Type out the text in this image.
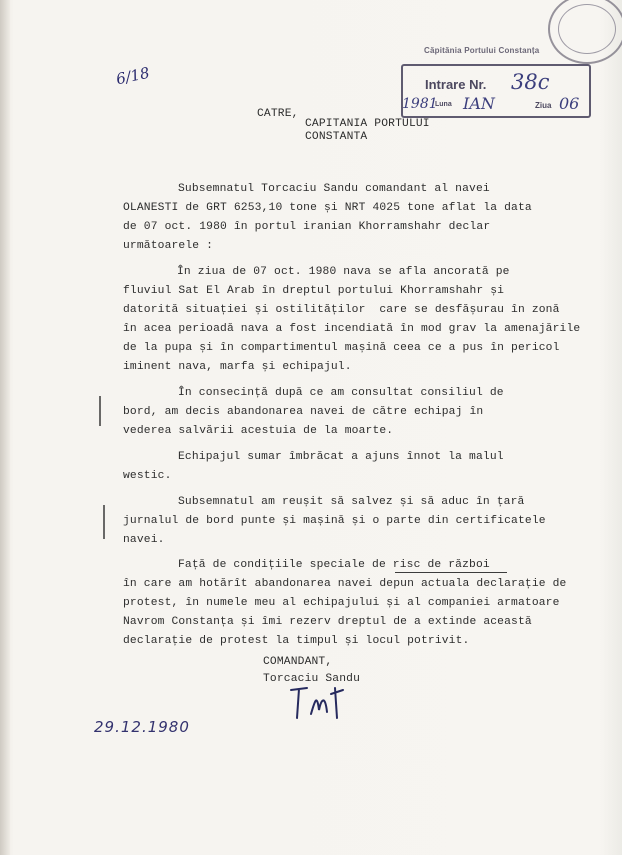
Căpitănia Portului Constanța
Intrare Nr. 38c
1981
Luna IAN	Ziua 06
6/18
CATRE,
CAPITANIA PORTULUI
CONSTANTA
Subsemnatul Torcaciu Sandu comandant al navei
OLANESTI de GRT 6253,10 tone și NRT 4025 tone aflat la data
de 07 oct. 1980 în portul iranian Khorramshahr declar
următoarele :
În ziua de 07 oct. 1980 nava se afla ancorată pe
fluviul Sat El Arab în dreptul portului Khorramshahr și
datorită situației și ostilităților  care se desfășurau în zonă
în acea perioadă nava a fost incendiată în mod grav la amenajările
de la pupa și în compartimentul mașină ceea ce a pus în pericol
iminent nava, marfa și echipajul.
În consecință după ce am consultat consiliul de
bord, am decis abandonarea navei de către echipaj în
vederea salvării acestuia de la moarte.
Echipajul sumar îmbrăcat a ajuns înnot la malul
westic.
Subsemnatul am reușit să salvez și să aduc în țară
jurnalul de bord punte și mașină și o parte din certificatele
navei.
Față de condițiile speciale de risc de război
în care am hotărît abandonarea navei depun actuala declarație de
protest, în numele meu al echipajului și al companiei armatoare
Navrom Constanța și îmi rezerv dreptul de a extinde această
declarație de protest la timpul și locul potrivit.
COMANDANT,
Torcaciu Sandu
29.12.1980
